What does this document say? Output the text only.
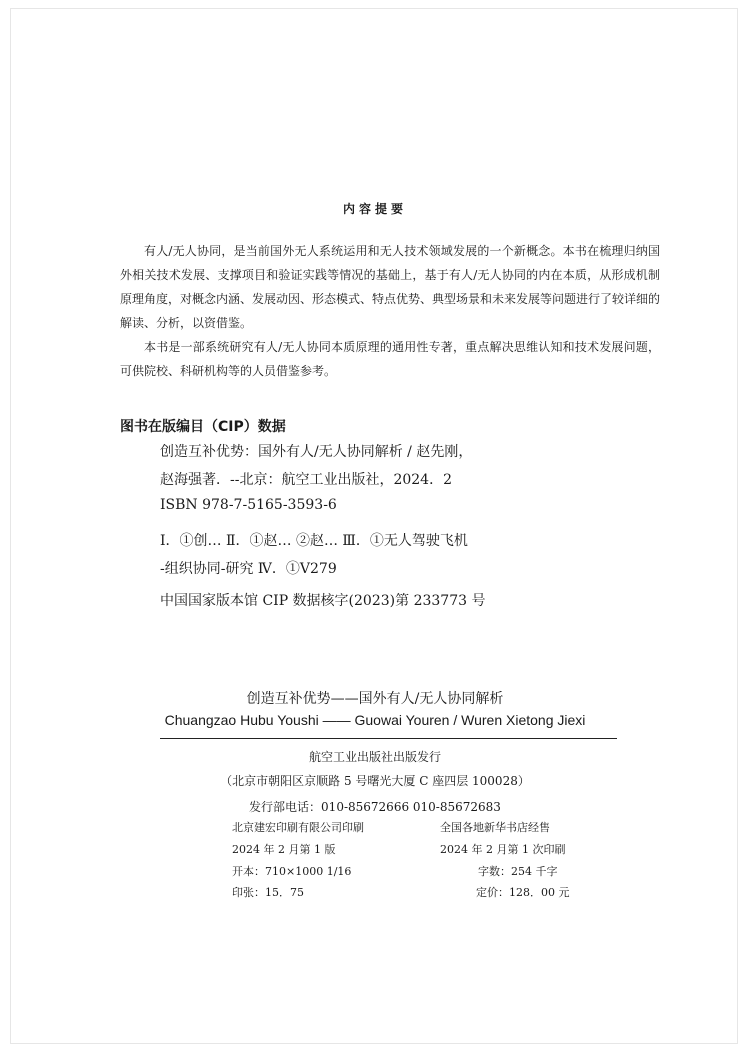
内容提要

有人/无人协同，是当前国外无人系统运用和无人技术领域发展的一个新概念。本书在梳理归纳国外相关技术发展、支撑项目和验证实践等情况的基础上，基于有人/无人协同的内在本质，从形成机制原理角度，对概念内涵、发展动因、形态模式、特点优势、典型场景和未来发展等问题进行了较详细的解读、分析，以资借鉴。

本书是一部系统研究有人/无人协同本质原理的通用性专著，重点解决思维认知和技术发展问题，可供院校、科研机构等的人员借鉴参考。

图书在版编目（CIP）数据
创造互补优势：国外有人/无人协同解析 / 赵先刚，
赵海强著．--北京：航空工业出版社，2024．2
ISBN 978-7-5165-3593-6
Ⅰ．①创… Ⅱ．①赵… ②赵… Ⅲ．①无人驾驶飞机
-组织协同-研究 Ⅳ．①V279
中国国家版本馆 CIP 数据核字(2023)第 233773 号
创造互补优势——国外有人/无人协同解析
Chuangzao Hubu Youshi —— Guowai Youren / Wuren Xietong Jiexi
航空工业出版社出版发行
（北京市朝阳区京顺路 5 号曙光大厦 C 座四层 100028）
发行部电话：010-85672666 010-85672683
北京建宏印刷有限公司印刷	全国各地新华书店经售
2024 年 2 月第 1 版	2024 年 2 月第 1 次印刷
开本：710×1000 1/16	字数：254 千字
印张：15．75	定价：128．00 元
